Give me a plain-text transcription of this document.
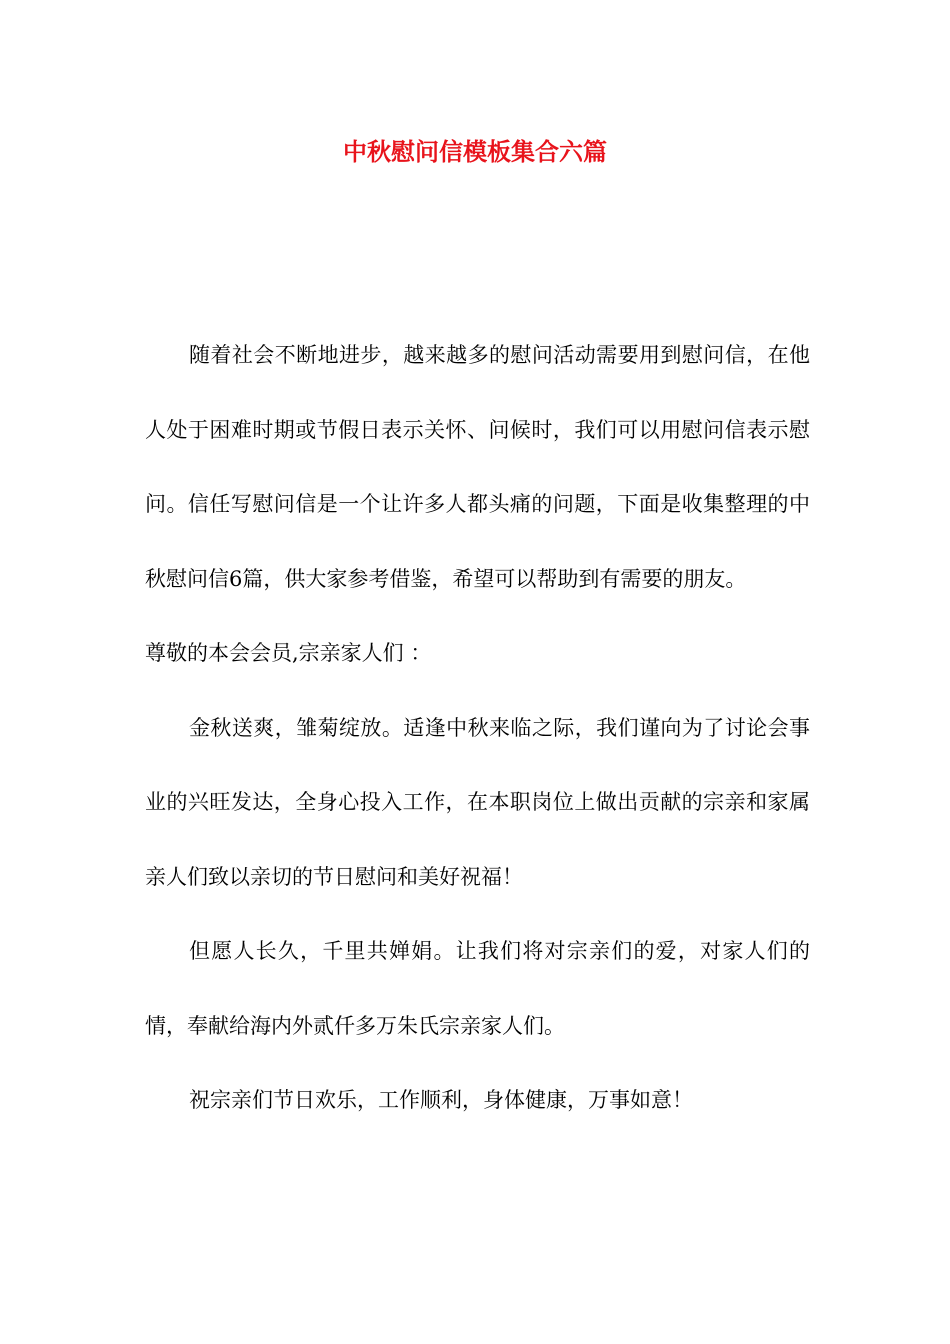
中秋慰问信模板集合六篇

随着社会不断地进步，越来越多的慰问活动需要用到慰问信，在他人处于困难时期或节假日表示关怀、问候时，我们可以用慰问信表示慰问。信任写慰问信是一个让许多人都头痛的问题，下面是收集整理的中秋慰问信6篇，供大家参考借鉴，希望可以帮助到有需要的朋友。

尊敬的本会会员,宗亲家人们 ：

金秋送爽，雏菊绽放。适逢中秋来临之际，我们谨向为了讨论会事业的兴旺发达，全身心投入工作，在本职岗位上做出贡献的宗亲和家属亲人们致以亲切的节日慰问和美好祝福！

但愿人长久，千里共婵娟。让我们将对宗亲们的爱，对家人们的情，奉献给海内外贰仟多万朱氏宗亲家人们。

祝宗亲们节日欢乐，工作顺利，身体健康，万事如意！
